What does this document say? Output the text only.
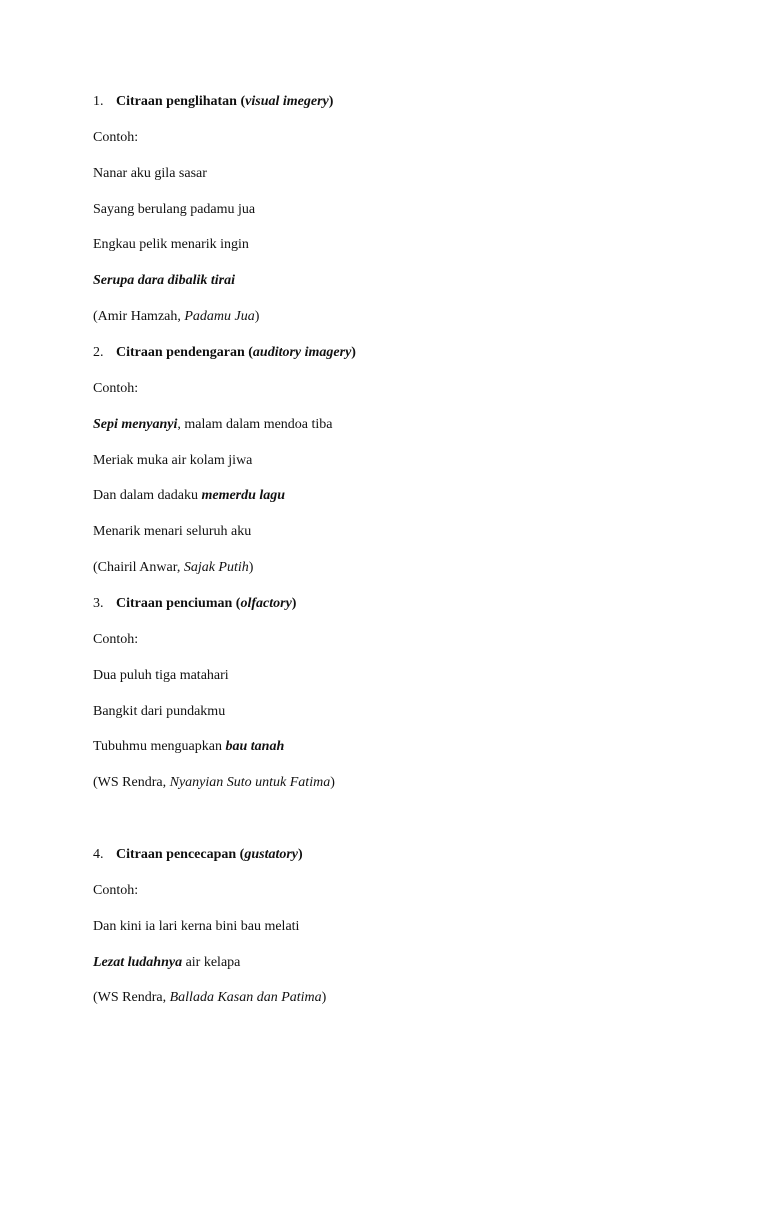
1. Citraan penglihatan (visual imegery)
Contoh:
Nanar aku gila sasar
Sayang berulang padamu jua
Engkau pelik menarik ingin
Serupa dara dibalik tirai
(Amir Hamzah, Padamu Jua)
2. Citraan pendengaran (auditory imagery)
Contoh:
Sepi menyanyi, malam dalam mendoa tiba
Meriak muka air kolam jiwa
Dan dalam dadaku memerdu lagu
Menarik menari seluruh aku
(Chairil Anwar, Sajak Putih)
3. Citraan penciuman (olfactory)
Contoh:
Dua puluh tiga matahari
Bangkit dari pundakmu
Tubuhmu menguapkan bau tanah
(WS Rendra, Nyanyian Suto untuk Fatima)
4. Citraan pencecapan (gustatory)
Contoh:
Dan kini ia lari kerna bini bau melati
Lezat ludahnya air kelapa
(WS Rendra, Ballada Kasan dan Patima)
